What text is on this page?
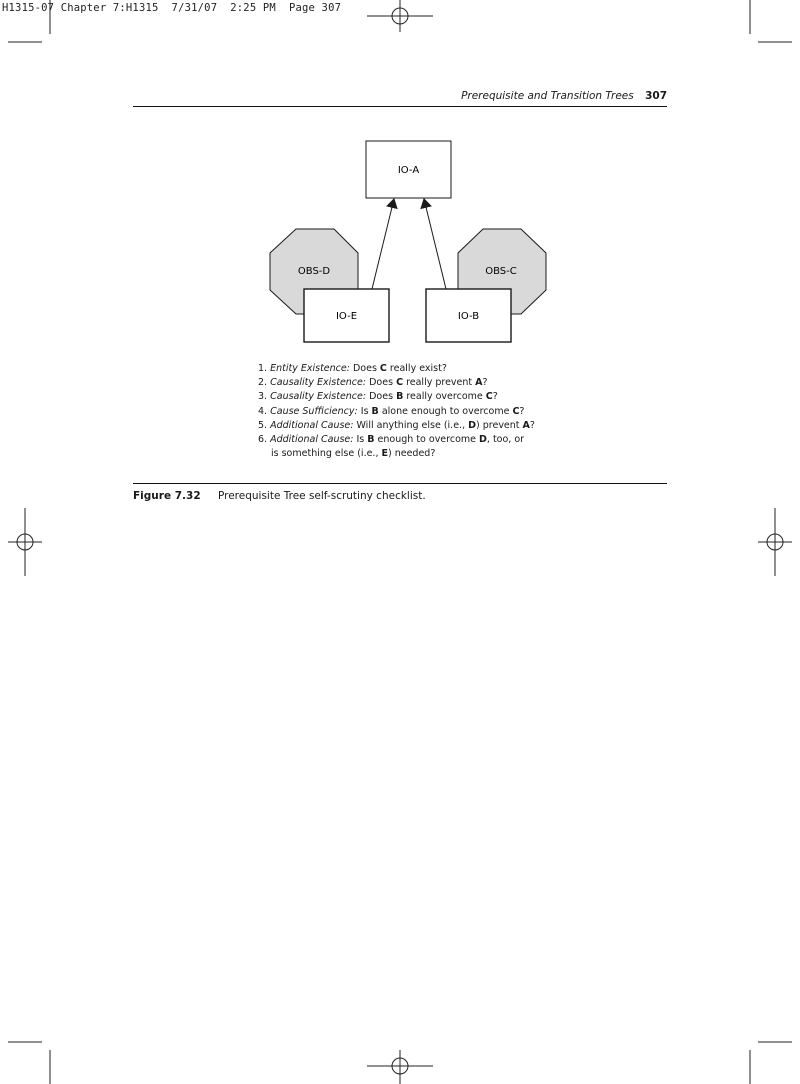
H1315-07 Chapter 7:H1315  7/31/07  2:25 PM  Page 307
Prerequisite and Transition Trees 307
IO-A
OBS-D	OBS-C
IO-E	IO-B
1. Entity Existence: Does C really exist?
2. Causality Existence: Does C really prevent A?
3. Causality Existence: Does B really overcome C?
4. Cause Sufficiency: Is B alone enough to overcome C?
5. Additional Cause: Will anything else (i.e., D) prevent A?
6. Additional Cause: Is B enough to overcome D, too, or
is something else (i.e., E) needed?
Figure 7.32 Prerequisite Tree self-scrutiny checklist.
